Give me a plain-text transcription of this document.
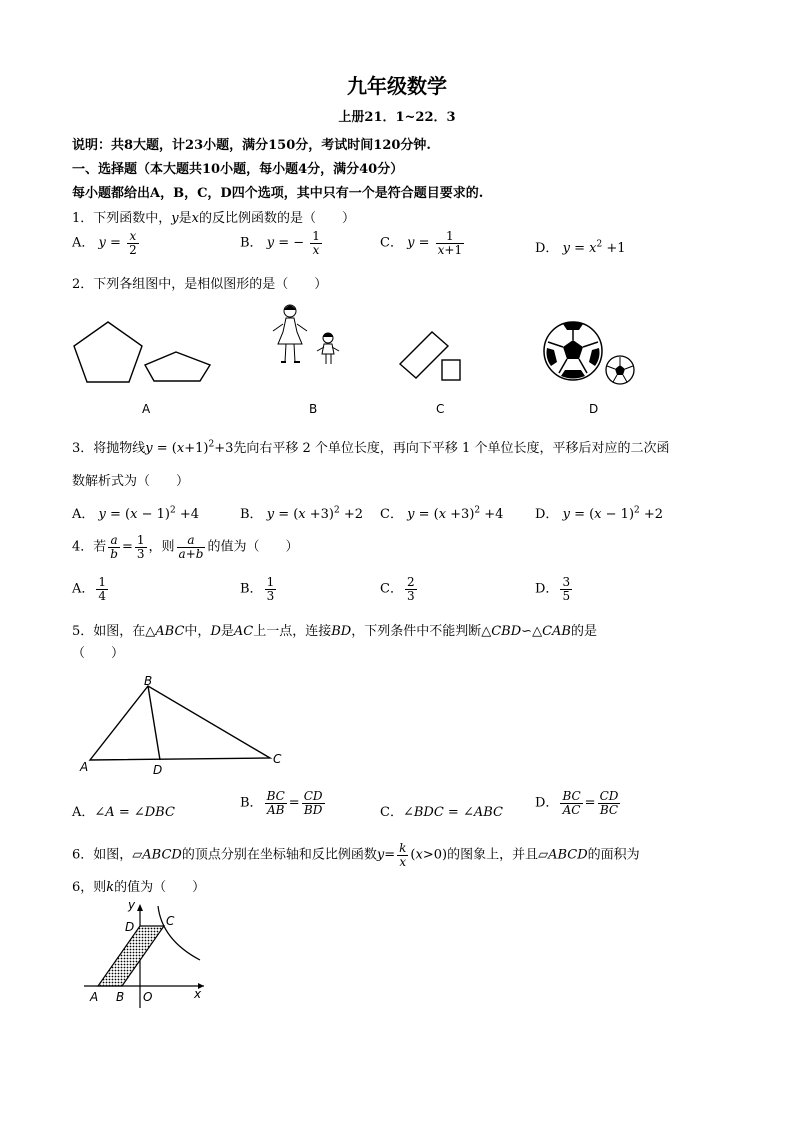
九年级数学
上册21．1~22．3
说明：共8大题，计23小题，满分150分，考试时间120分钟.
一、选择题（本大题共10小题，每小题4分，满分40分）
每小题都给出A，B，C，D四个选项，其中只有一个是符合题目要求的.
1．下列函数中，y是x的反比例函数的是（　　）
A． $y = \frac{x}{2}$	B． y = − $\frac{1}{x}$	C． $y = \frac{1}{x+1}$	D． $y = x^2 +1$
2．下列各组图中，是相似图形的是（　　）
A	B	C	D
3．将抛物线$y = (x+1)^2+3$先向右平移 2 个单位长度，再向下平移 1 个单位长度，平移后对应的二次函
数解析式为（　　）
A． $y = (x - 1)^2 +4$	B． $y = (x +3)^2 +2$ C． $y = (x +3)^2 +4$ D． $y = (x - 1)^2 +2$
4．若 $\frac{a}{b} = \frac{1}{3}$ ，则 $\frac{a}{a+b}$ 的值为（　　）
A． $\frac{1}{4}$	B． $\frac{1}{3}$	C． $\frac{2}{3}$	D． $\frac{3}{5}$
5．如图，在△ABC中，D是AC上一点，连接BD，下列条件中不能判断△CBD∽△CAB的是
（　　）
B
A	D
C
A．∠A = ∠DBC
B． $\frac{BC}{AB} = \frac{CD}{BD}$	C．∠BDC = ∠ABC
D． $\frac{BC}{AC} = \frac{CD}{BC}$
6．如图，▱ABCD的顶点分别在坐标轴和反比例函数$y= \frac{k}{x} (x>0)$的图象上，并且▱ABCD的面积为
6，则k的值为（　　）
y
x
D	C
A B O
